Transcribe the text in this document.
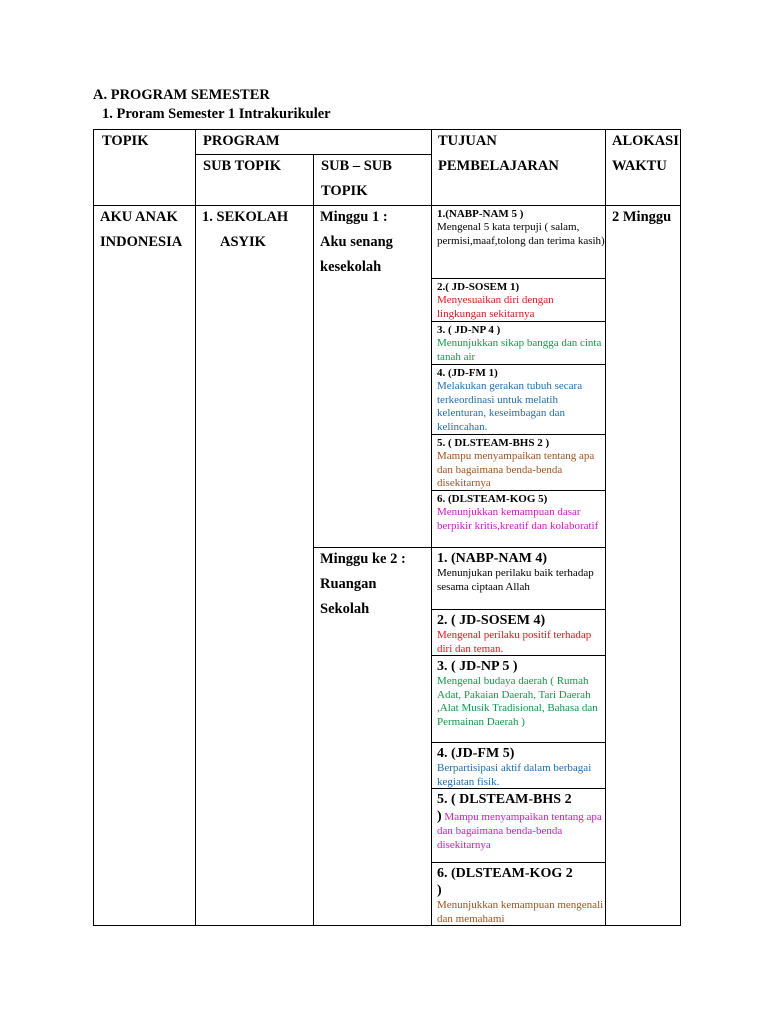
A. PROGRAM SEMESTER
1. Proram Semester 1 Intrakurikuler
TOPIK	PROGRAM
SUB TOPIK	SUB – SUB
TOPIK
TUJUAN
PEMBELAJARAN
ALOKASI
WAKTU
AKU ANAK
INDONESIA
1. SEKOLAH
ASYIK
Minggu 1 :
Aku senang
kesekolah
Minggu ke 2 :
Ruangan
Sekolah
2 Minggu
1.(NABP-NAM 5 )
Mengenal 5 kata terpuji ( salam, permisi,maaf,tolong dan terima kasih)
2.( JD-SOSEM 1)
Menyesuaikan diri dengan lingkungan sekitarnya
3. ( JD-NP 4 )
Menunjukkan sikap bangga dan cinta tanah air
4. (JD-FM 1)
Melakukan gerakan tubuh secara terkeordinasi untuk melatih kelenturan, keseimbagan dan kelincahan.
5. ( DLSTEAM-BHS 2 )
Mampu menyampaikan tentang apa dan bagaimana benda-benda disekitarnya
6. (DLSTEAM-KOG 5)
Menunjukkan kemampuan dasar berpikir kritis,kreatif dan kolaboratif
1. (NABP-NAM 4)
Menunjukan perilaku baik terhadap sesama ciptaan Allah
2. ( JD-SOSEM 4)
Mengenal perilaku positif terhadap diri dan teman.
3. ( JD-NP 5 )
Mengenal budaya daerah ( Rumah Adat, Pakaian Daerah, Tari Daerah ,Alat Musik Tradisional, Bahasa dan Permainan Daerah )
4. (JD-FM 5)
Berpartisipasi aktif dalam berbagai kegiatan fisik.
5. ( DLSTEAM-BHS 2
) Mampu menyampaikan tentang apa dan bagaimana benda-benda disekitarnya
6. (DLSTEAM-KOG 2
)
Menunjukkan kemampuan mengenali dan memahami
